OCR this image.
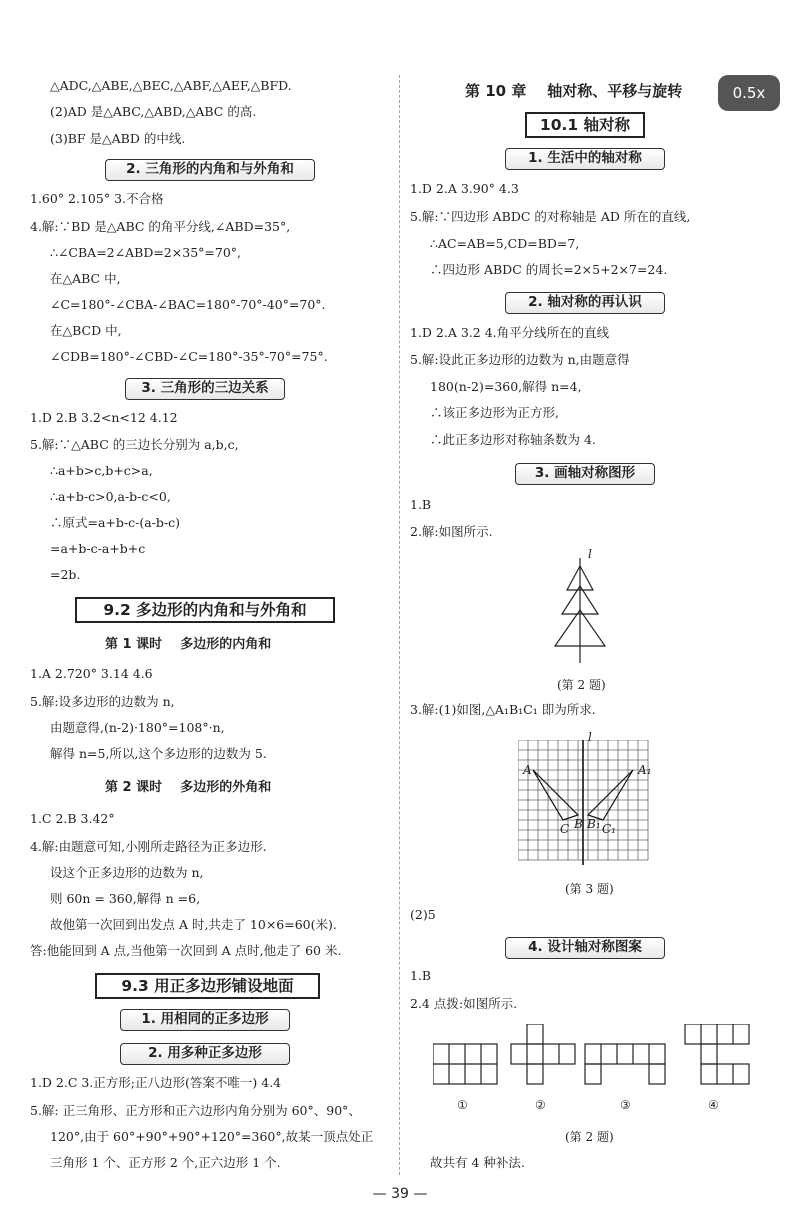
0.5x
△ADC,△ABE,△BEC,△ABF,△AEF,△BFD.
(2)AD 是△ABC,△ABD,△ABC 的高.
(3)BF 是△ABD 的中线.
2. 三角形的内角和与外角和
1.60° 2.105° 3.不合格
4.解:∵BD 是△ABC 的角平分线,∠ABD=35°,
∴∠CBA=2∠ABD=2×35°=70°,
在△ABC 中,
∠C=180°-∠CBA-∠BAC=180°-70°-40°=70°.
在△BCD 中,
∠CDB=180°-∠CBD-∠C=180°-35°-70°=75°.
3. 三角形的三边关系
1.D 2.B 3.2<n<12 4.12
5.解:∵△ABC 的三边长分别为 a,b,c,
∴a+b>c,b+c>a,
∴a+b-c>0,a-b-c<0,
∴原式=a+b-c-(a-b-c)
=a+b-c-a+b+c
=2b.
9.2 多边形的内角和与外角和
第 1 课时    多边形的内角和
1.A 2.720° 3.14 4.6
5.解:设多边形的边数为 n,
由题意得,(n-2)·180°=108°·n,
解得 n=5,所以,这个多边形的边数为 5.
第 2 课时    多边形的外角和
1.C 2.B 3.42°
4.解:由题意可知,小刚所走路径为正多边形.
设这个正多边形的边数为 n,
则 60n = 360,解得 n =6,
故他第一次回到出发点 A 时,共走了 10×6=60(米).
答:他能回到 A 点,当他第一次回到 A 点时,他走了 60 米.
9.3 用正多边形铺设地面
1. 用相同的正多边形
2. 用多种正多边形
1.D 2.C 3.正方形;正八边形(答案不唯一) 4.4
5.解: 正三角形、正方形和正六边形内角分别为 60°、90°、
120°,由于 60°+90°+90°+120°=360°,故某一顶点处正
三角形 1 个、正方形 2 个,正六边形 1 个.
第 10 章    轴对称、平移与旋转
10.1 轴对称
1. 生活中的轴对称
1.D 2.A 3.90° 4.3
5.解:∵四边形 ABDC 的对称轴是 AD 所在的直线,
∴AC=AB=5,CD=BD=7,
∴四边形 ABDC 的周长=2×5+2×7=24.
2. 轴对称的再认识
1.D 2.A 3.2 4.角平分线所在的直线
5.解:设此正多边形的边数为 n,由题意得
180(n-2)=360,解得 n=4,
∴该正多边形为正方形,
∴此正多边形对称轴条数为 4.
3. 画轴对称图形
1.B
2.解:如图所示.
l
(第 2 题)
3.解:(1)如图,△A₁B₁C₁ 即为所求.
l
A	A₁
C B B₁ C₁
(第 3 题)
(2)5
4. 设计轴对称图案
1.B
2.4 点拨:如图所示.
①	②	③	④
(第 2 题)
故共有 4 种补法.
— 39 —
